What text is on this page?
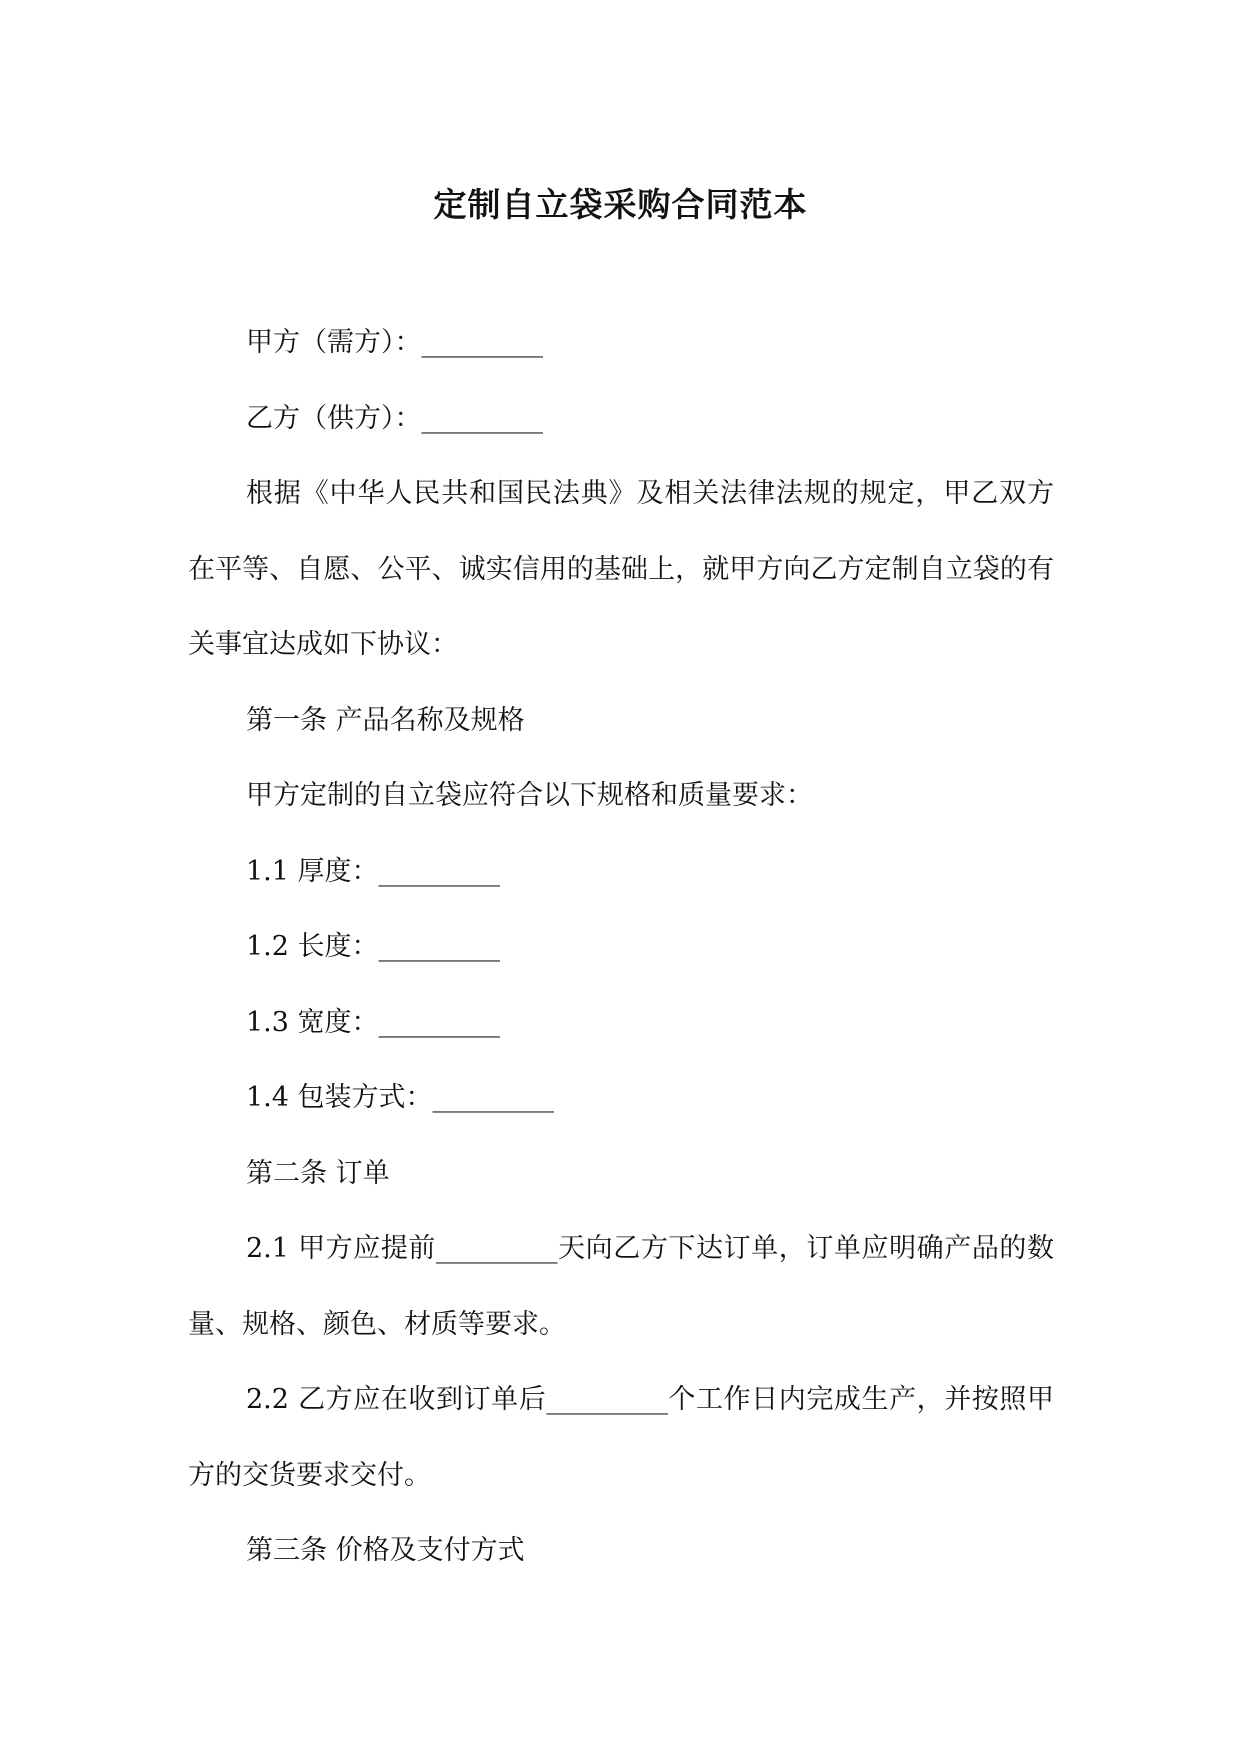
定制自立袋采购合同范本

甲方（需方）：_________

乙方（供方）：_________

根据《中华人民共和国民法典》及相关法律法规的规定，甲乙双方在平等、自愿、公平、诚实信用的基础上，就甲方向乙方定制自立袋的有关事宜达成如下协议：

第一条 产品名称及规格

甲方定制的自立袋应符合以下规格和质量要求：

1.1 厚度：_________

1.2 长度：_________

1.3 宽度：_________

1.4 包装方式：_________

第二条 订单

2.1 甲方应提前_________天向乙方下达订单，订单应明确产品的数量、规格、颜色、材质等要求。

2.2 乙方应在收到订单后_________个工作日内完成生产，并按照甲方的交货要求交付。

第三条 价格及支付方式
